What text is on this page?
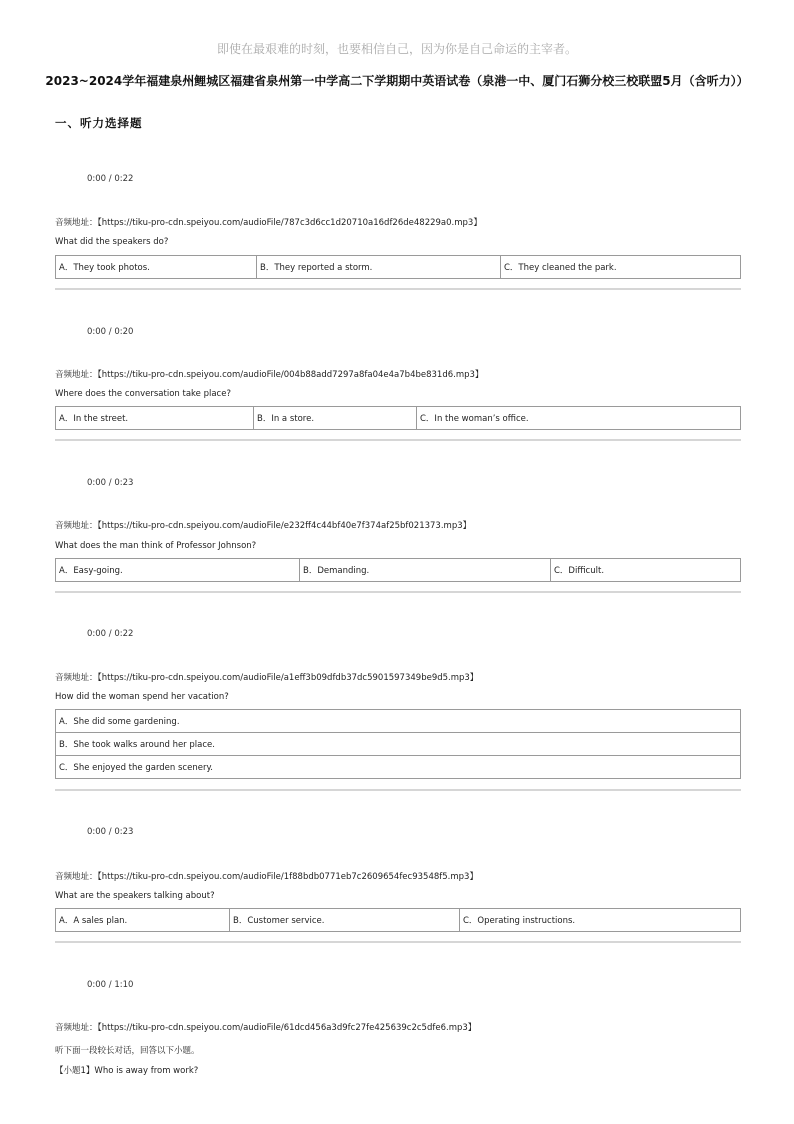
即使在最艰难的时刻，也要相信自己，因为你是自己命运的主宰者。
2023~2024学年福建泉州鲤城区福建省泉州第一中学高二下学期期中英语试卷（泉港一中、厦门石狮分校三校联盟5月（含听力））
一、听力选择题
0:00 / 0:22
音频地址：【https://tiku-pro-cdn.speiyou.com/audioFile/787c3d6cc1d20710a16df26de48229a0.mp3】
What did the speakers do?
A．They took photos.	B．They reported a storm.	C．They cleaned the park.
0:00 / 0:20
音频地址：【https://tiku-pro-cdn.speiyou.com/audioFile/004b88add7297a8fa04e4a7b4be831d6.mp3】
Where does the conversation take place?
A．In the street.	B．In a store.	C．In the woman’s office.
0:00 / 0:23
音频地址：【https://tiku-pro-cdn.speiyou.com/audioFile/e232ff4c44bf40e7f374af25bf021373.mp3】
What does the man think of Professor Johnson?
A．Easy-going.	B．Demanding.	C．Difficult.
0:00 / 0:22
音频地址：【https://tiku-pro-cdn.speiyou.com/audioFile/a1eff3b09dfdb37dc5901597349be9d5.mp3】
How did the woman spend her vacation?
A．She did some gardening.
B．She took walks around her place.
C．She enjoyed the garden scenery.
0:00 / 0:23
音频地址：【https://tiku-pro-cdn.speiyou.com/audioFile/1f88bdb0771eb7c2609654fec93548f5.mp3】
What are the speakers talking about?
A．A sales plan.	B．Customer service.	C．Operating instructions.
0:00 / 1:10
音频地址：【https://tiku-pro-cdn.speiyou.com/audioFile/61dcd456a3d9fc27fe425639c2c5dfe6.mp3】
听下面一段较长对话，回答以下小题。
【小题1】Who is away from work?
